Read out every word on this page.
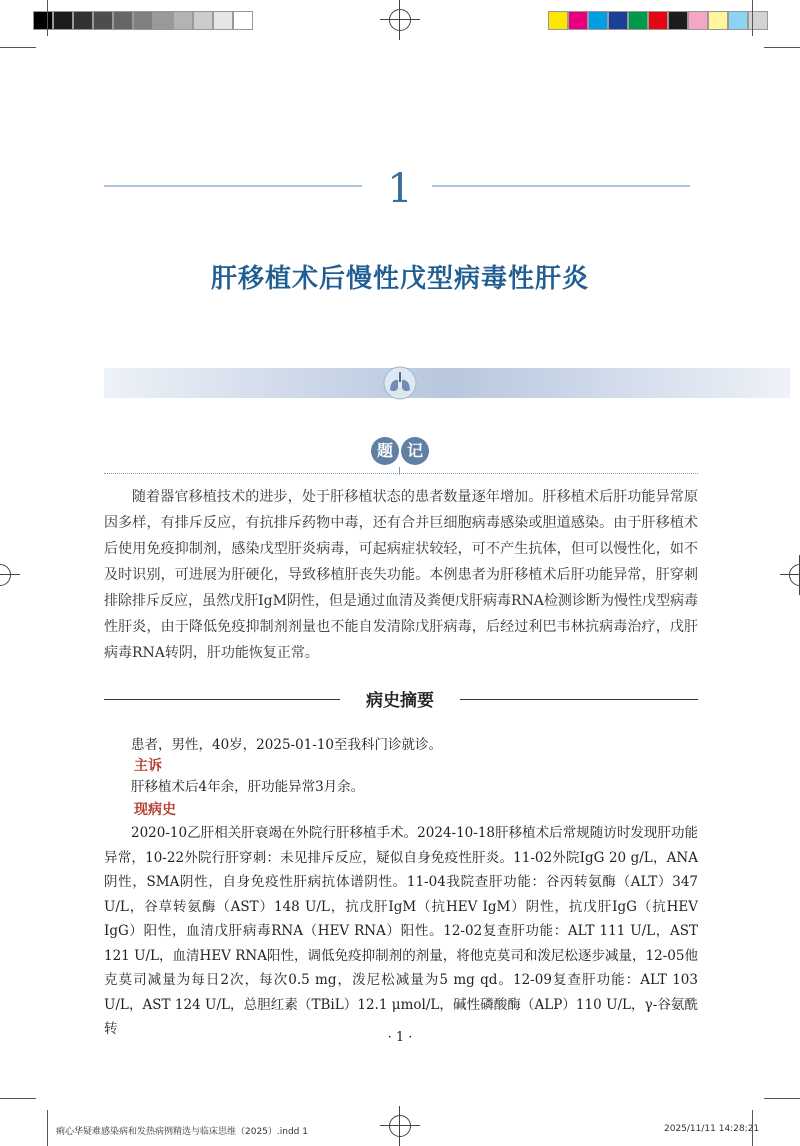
1
肝移植术后慢性戊型病毒性肝炎
题 记
随着器官移植技术的进步，处于肝移植状态的患者数量逐年增加。肝移植术后肝功能异常原因多样，有排斥反应，有抗排斥药物中毒，还有合并巨细胞病毒感染或胆道感染。由于肝移植术后使用免疫抑制剂，感染戊型肝炎病毒，可起病症状较轻，可不产生抗体，但可以慢性化，如不及时识别，可进展为肝硬化，导致移植肝丧失功能。本例患者为肝移植术后肝功能异常，肝穿刺排除排斥反应，虽然戊肝IgM阴性，但是通过血清及粪便戊肝病毒RNA检测诊断为慢性戊型病毒性肝炎，由于降低免疫抑制剂剂量也不能自发清除戊肝病毒，后经过利巴韦林抗病毒治疗，戊肝病毒RNA转阴，肝功能恢复正常。
病史摘要
患者，男性，40岁，2025-01-10至我科门诊就诊。
主诉
肝移植术后4年余，肝功能异常3月余。
现病史
2020-10乙肝相关肝衰竭在外院行肝移植手术。2024-10-18肝移植术后常规随访时发现肝功能异常，10-22外院行肝穿刺：未见排斥反应，疑似自身免疫性肝炎。11-02外院IgG 20 g/L，ANA阴性，SMA阴性，自身免疫性肝病抗体谱阴性。11-04我院查肝功能：谷丙转氨酶（ALT）347 U/L，谷草转氨酶（AST）148 U/L，抗戊肝IgM（抗HEV IgM）阴性，抗戊肝IgG（抗HEV IgG）阳性，血清戊肝病毒RNA（HEV RNA）阳性。12-02复查肝功能：ALT 111 U/L，AST 121 U/L，血清HEV RNA阳性，调低免疫抑制剂的剂量，将他克莫司和泼尼松逐步减量，12-05他克莫司减量为每日2次，每次0.5 mg，泼尼松减量为5 mg qd。12-09复查肝功能：ALT 103 U/L，AST 124 U/L，总胆红素（TBiL）12.1 μmol/L，碱性磷酸酶（ALP）110 U/L，γ-谷氨酰转
· 1 ·
痢心华疑难感染病和发热病例精选与临床思维（2025）.indd 1	2025/11/11 14:28:21
